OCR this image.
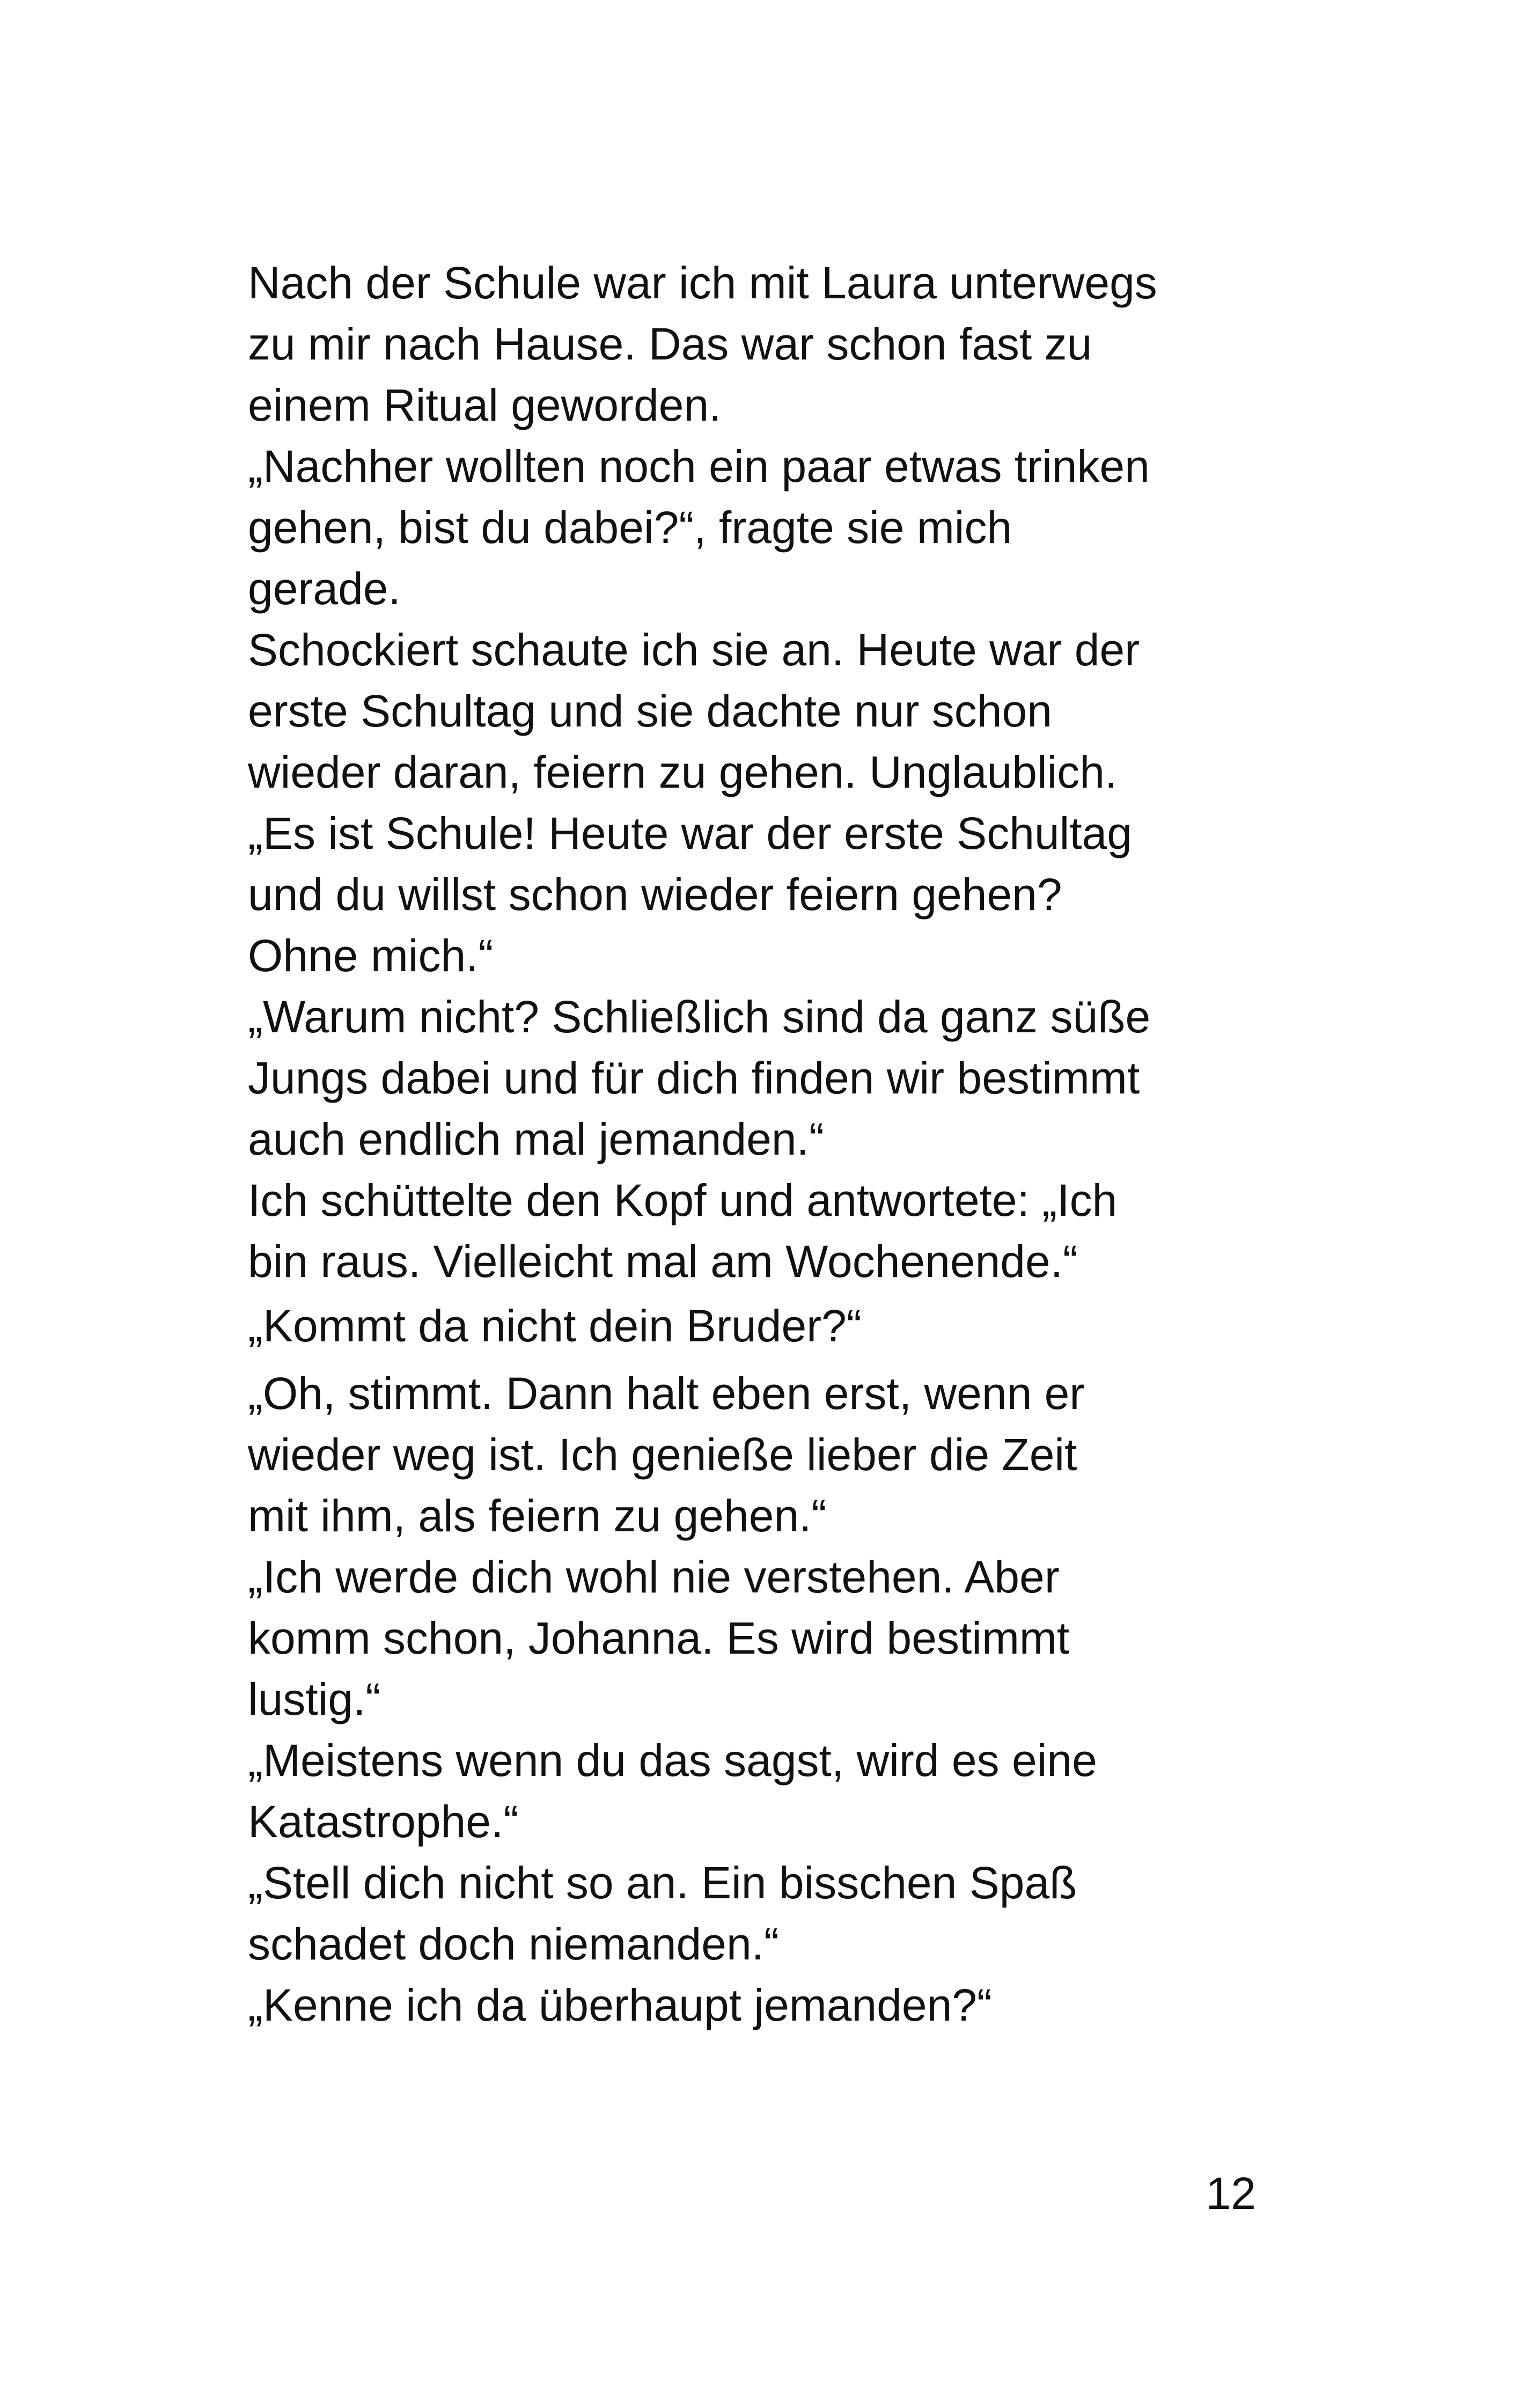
Nach der Schule war ich mit Laura unterwegs
zu mir nach Hause. Das war schon fast zu
einem Ritual geworden.
„Nachher wollten noch ein paar etwas trinken
gehen, bist du dabei?“, fragte sie mich
gerade.
Schockiert schaute ich sie an. Heute war der
erste Schultag und sie dachte nur schon
wieder daran, feiern zu gehen. Unglaublich.
„Es ist Schule! Heute war der erste Schultag
und du willst schon wieder feiern gehen?
Ohne mich.“
„Warum nicht? Schließlich sind da ganz süße
Jungs dabei und für dich finden wir bestimmt
auch endlich mal jemanden.“
Ich schüttelte den Kopf und antwortete: „Ich
bin raus. Vielleicht mal am Wochenende.“
„Kommt da nicht dein Bruder?“
„Oh, stimmt. Dann halt eben erst, wenn er
wieder weg ist. Ich genieße lieber die Zeit
mit ihm, als feiern zu gehen.“
„Ich werde dich wohl nie verstehen. Aber
komm schon, Johanna. Es wird bestimmt
lustig.“
„Meistens wenn du das sagst, wird es eine
Katastrophe.“
„Stell dich nicht so an. Ein bisschen Spaß
schadet doch niemanden.“
„Kenne ich da überhaupt jemanden?“
12
